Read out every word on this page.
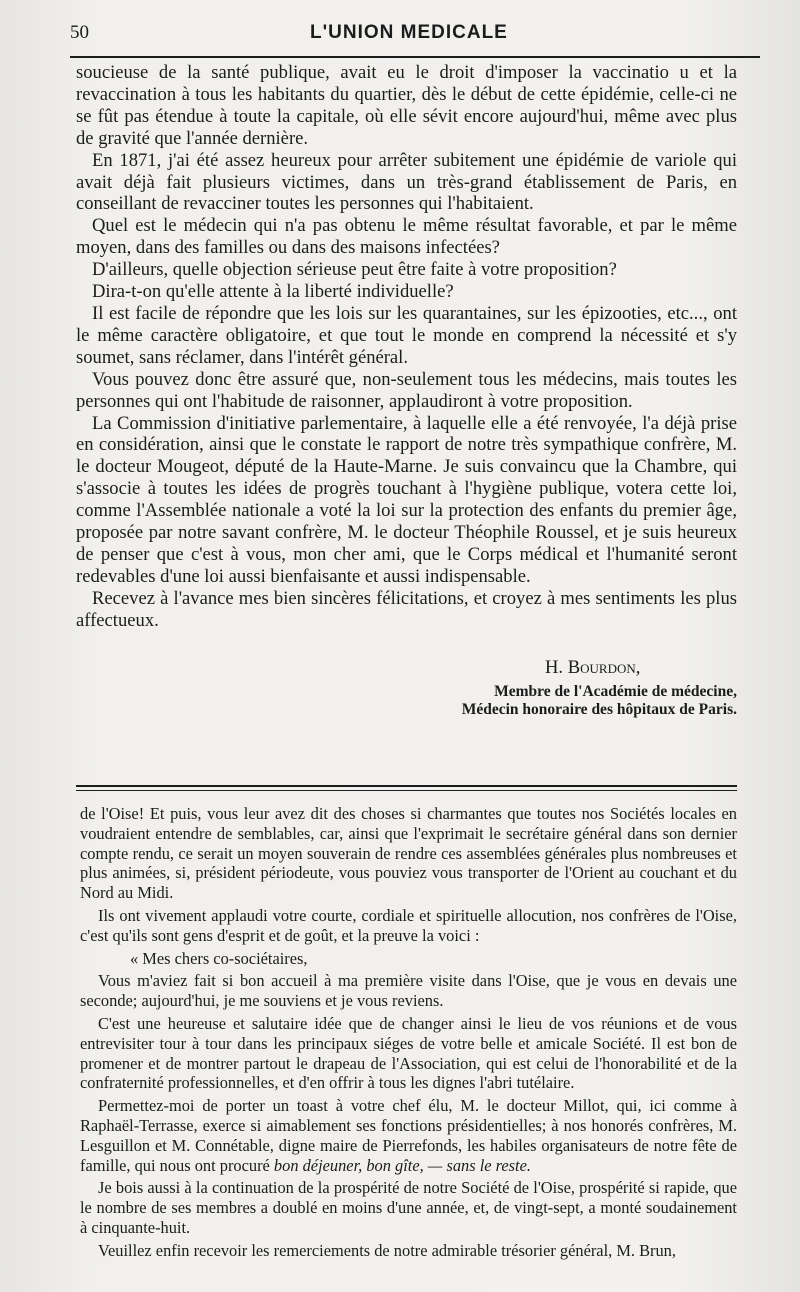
50	L'UNION MEDICALE

soucieuse de la santé publique, avait eu le droit d'imposer la vaccinatio u et la revaccination à tous les habitants du quartier, dès le début de cette épidémie, celle-ci ne se fût pas étendue à toute la capitale, où elle sévit encore aujourd'hui, même avec plus de gravité que l'année dernière.

En 1871, j'ai été assez heureux pour arrêter subitement une épidémie de variole qui avait déjà fait plusieurs victimes, dans un très-grand établissement de Paris, en conseillant de revacciner toutes les personnes qui l'habitaient.

Quel est le médecin qui n'a pas obtenu le même résultat favorable, et par le même moyen, dans des familles ou dans des maisons infectées?

D'ailleurs, quelle objection sérieuse peut être faite à votre proposition?

Dira-t-on qu'elle attente à la liberté individuelle?

Il est facile de répondre que les lois sur les quarantaines, sur les épizooties, etc..., ont le même caractère obligatoire, et que tout le monde en comprend la nécessité et s'y soumet, sans réclamer, dans l'intérêt général.

Vous pouvez donc être assuré que, non-seulement tous les médecins, mais toutes les personnes qui ont l'habitude de raisonner, applaudiront à votre proposition.

La Commission d'initiative parlementaire, à laquelle elle a été renvoyée, l'a déjà prise en considération, ainsi que le constate le rapport de notre très sympathique confrère, M. le docteur Mougeot, député de la Haute-Marne. Je suis convaincu que la Chambre, qui s'associe à toutes les idées de progrès touchant à l'hygiène publique, votera cette loi, comme l'Assemblée nationale a voté la loi sur la protection des enfants du premier âge, proposée par notre savant confrère, M. le docteur Théophile Roussel, et je suis heureux de penser que c'est à vous, mon cher ami, que le Corps médical et l'humanité seront redevables d'une loi aussi bienfaisante et aussi indispensable.

Recevez à l'avance mes bien sincères félicitations, et croyez à mes sentiments les plus affectueux.

H. Bourdon,
Membre de l'Académie de médecine,
Médecin honoraire des hôpitaux de Paris.

de l'Oise! Et puis, vous leur avez dit des choses si charmantes que toutes nos Sociétés locales en voudraient entendre de semblables, car, ainsi que l'exprimait le secrétaire général dans son dernier compte rendu, ce serait un moyen souverain de rendre ces assemblées générales plus nombreuses et plus animées, si, président périodeute, vous pouviez vous transporter de l'Orient au couchant et du Nord au Midi.

Ils ont vivement applaudi votre courte, cordiale et spirituelle allocution, nos confrères de l'Oise, c'est qu'ils sont gens d'esprit et de goût, et la preuve la voici :

« Mes chers co-sociétaires,

Vous m'aviez fait si bon accueil à ma première visite dans l'Oise, que je vous en devais une seconde; aujourd'hui, je me souviens et je vous reviens.

C'est une heureuse et salutaire idée que de changer ainsi le lieu de vos réunions et de vous entrevisiter tour à tour dans les principaux siéges de votre belle et amicale Société. Il est bon de promener et de montrer partout le drapeau de l'Association, qui est celui de l'honorabilité et de la confraternité professionnelles, et d'en offrir à tous les dignes l'abri tutélaire.

Permettez-moi de porter un toast à votre chef élu, M. le docteur Millot, qui, ici comme à Raphaël-Terrasse, exerce si aimablement ses fonctions présidentielles; à nos honorés confrères, M. Lesguillon et M. Connétable, digne maire de Pierrefonds, les habiles organisateurs de notre fête de famille, qui nous ont procuré bon déjeuner, bon gîte, — sans le reste.

Je bois aussi à la continuation de la prospérité de notre Société de l'Oise, prospérité si rapide, que le nombre de ses membres a doublé en moins d'une année, et, de vingt-sept, a monté soudainement à cinquante-huit.

Veuillez enfin recevoir les remerciements de notre admirable trésorier général, M. Brun,
